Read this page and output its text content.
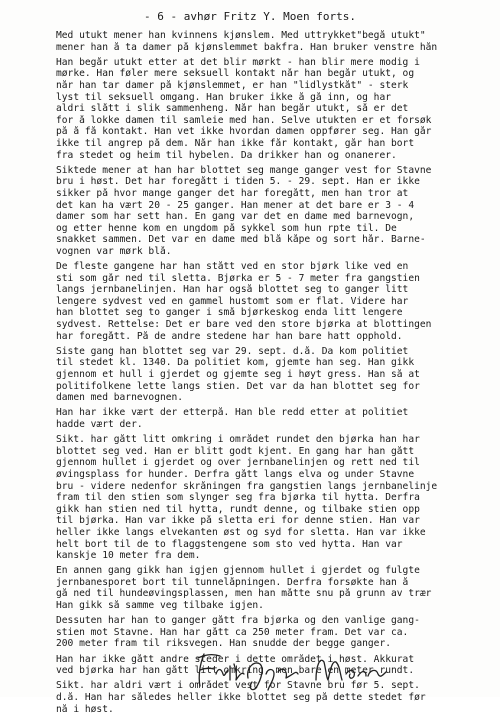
- 6 - avhør Fritz Y. Moen forts.
Med utukt mener han kvinnens kjønslem. Med uttrykket"begå utukt"
mener han å ta damer på kjønslemmet bakfra. Han bruker venstre hån
Han begår utukt etter at det blir mørkt - han blir mere modig i
mørke. Han føler mere seksuell kontakt når han begår utukt, og
når han tar damer på kjønslemmet, er han "lidlystkåt" - sterk
lyst til seksuell omgang. Han bruker ikke å gå inn, og har
aldri slått i slik sammenheng. Når han begår utukt, så er det
for å lokke damen til samleie med han. Selve utukten er et forsøk
på å få kontakt. Han vet ikke hvordan damen oppfører seg. Han går
ikke til angrep på dem. Når han ikke får kontakt, går han bort
fra stedet og heim til hybelen. Da drikker han og onanerer.
Siktede mener at han har blottet seg mange ganger vest for Stavne
bru i høst. Det har foregått i tiden 5. - 29. sept. Han er ikke
sikker på hvor mange ganger det har foregått, men han tror at
det kan ha vært 20 - 25 ganger. Han mener at det bare er 3 - 4
damer som har sett han. En gang var det en dame med barnevogn,
og etter henne kom en ungdom på sykkel som hun rpte til. De
snakket sammen. Det var en dame med blå kåpe og sort hår. Barne-
vognen var mørk blå.
De fleste gangene har han stått ved en stor bjørk like ved en
sti som går ned til sletta. Bjørka er 5 - 7 meter fra gangstien
langs jernbanelinjen. Han har også blottet seg to ganger litt
lengere sydvest ved en gammel hustomt som er flat. Videre har
han blottet seg to ganger i små bjørkeskog enda litt lengere
sydvest. Rettelse: Det er bare ved den store bjørka at blottingen
har foregått. På de andre stedene har han bare hatt opphold.
Siste gang han blottet seg var 29. sept. d.å. Da kom politiet
til stedet kl. 1340. Da politiet kom, gjemte han seg. Han gikk
gjennom et hull i gjerdet og gjemte seg i høyt gress. Han så at
politifolkene lette langs stien. Det var da han blottet seg for
damen med barnevognen.
Han har ikke vært der etterpå. Han ble redd etter at politiet
hadde vært der.
Sikt. har gått litt omkring i området rundet den bjørka han har
blottet seg ved. Han er blitt godt kjent. En gang har han gått
gjennom hullet i gjerdet og over jernbanelinjen og rett ned til
øvingsplass for hunder. Derfra gått langs elva og under Stavne
bru - videre nedenfor skråningen fra gangstien langs jernbanelinje
fram til den stien som slynger seg fra bjørka til hytta. Derfra
gikk han stien ned til hytta, rundt denne, og tilbake stien opp
til bjørka. Han var ikke på sletta eri for denne stien. Han var
heller ikke langs elvekanten øst og syd for sletta. Han var ikke
helt bort til de to flaggstengene som sto ved hytta. Han var
kanskje 10 meter fra dem.
En annen gang gikk han igjen gjennom hullet i gjerdet og fulgte
jernbanesporet bort til tunnelåpningen. Derfra forsøkte han å
gå ned til hundeøvingsplassen, men han måtte snu på grunn av trær
Han gikk så samme veg tilbake igjen.
Dessuten har han to ganger gått fra bjørka og den vanlige gang-
stien mot Stavne. Han har gått ca 250 meter fram. Det var ca.
200 meter fram til riksvegen. Han snudde der begge ganger.
Han har ikke gått andre steder i dette området i høst. Akkurat
ved bjørka har han gått litt omkring, men bare en meter rundt.
Sikt. har aldri vært i området vest for Stavne bru før 5. sept.
d.å. Han har således heller ikke blottet seg på dette stedet før
nå i høst.
